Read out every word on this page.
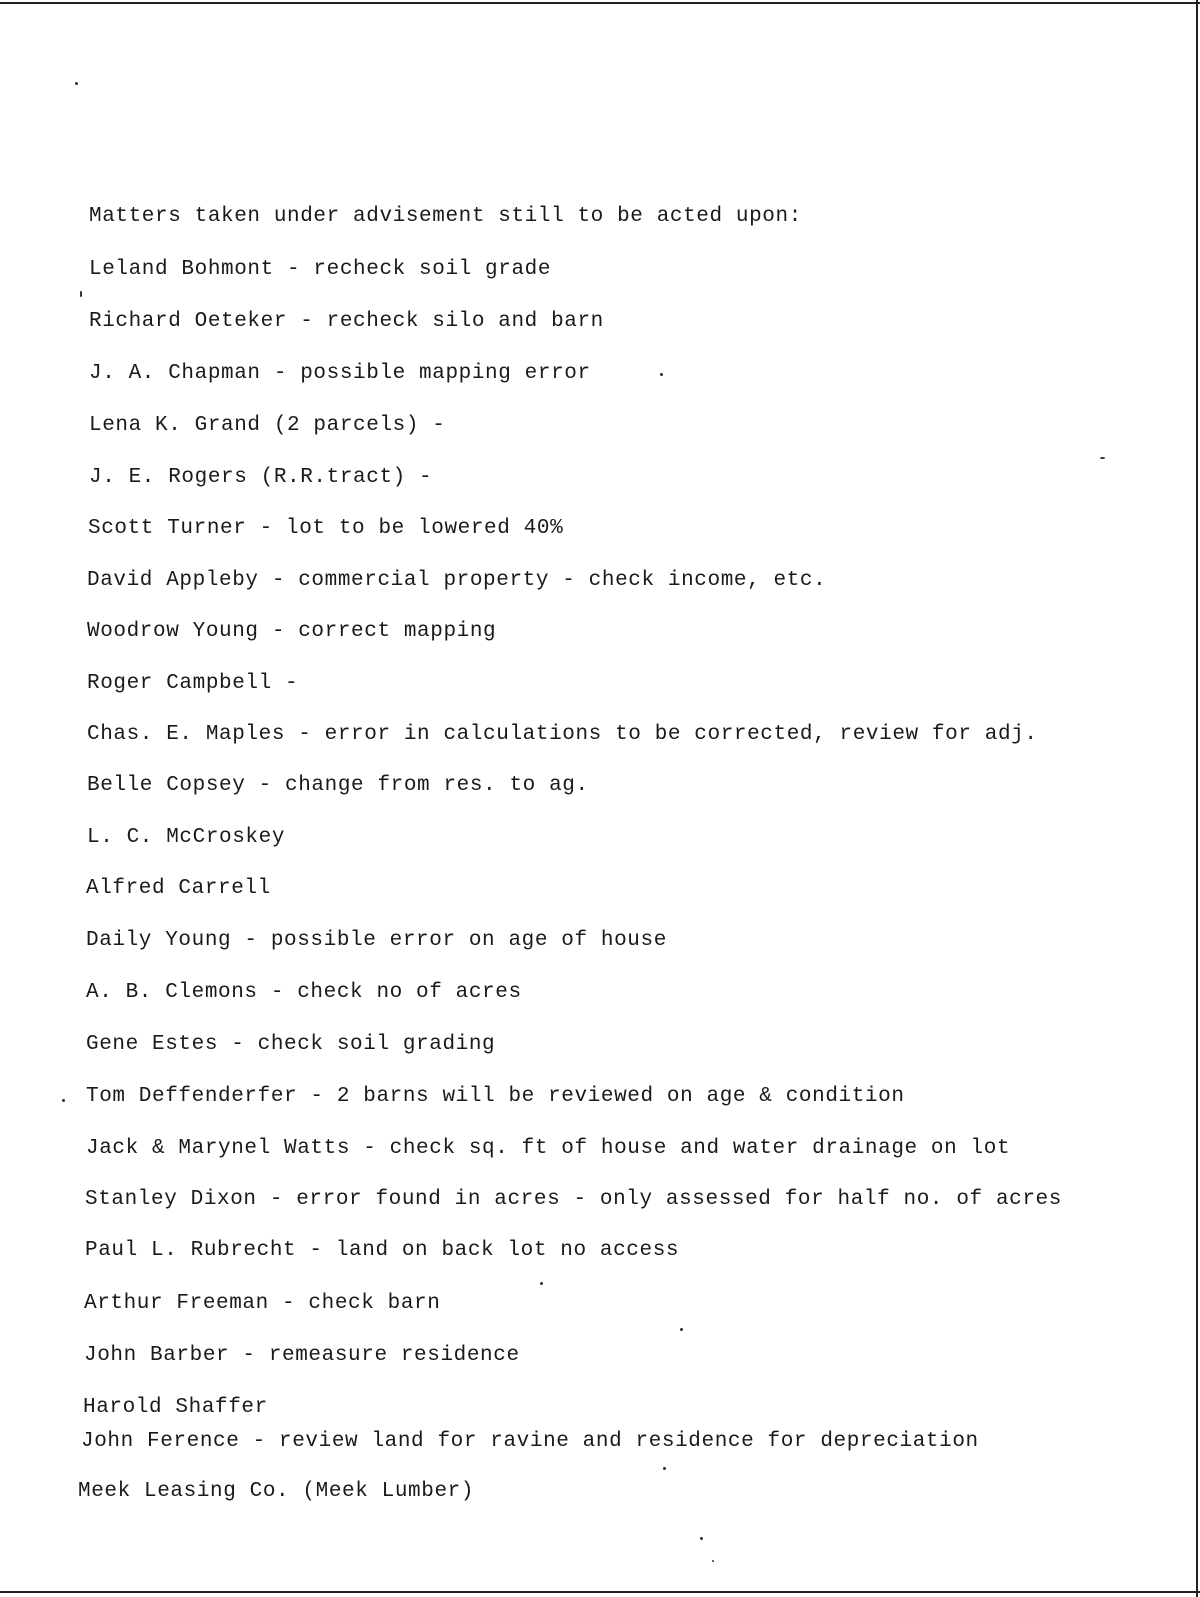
Matters taken under advisement still to be acted upon:
Leland Bohmont - recheck soil grade
Richard Oeteker - recheck silo and barn
J. A. Chapman - possible mapping error
Lena K. Grand (2 parcels) -
J. E. Rogers (R.R.tract) -
Scott Turner - lot to be lowered 40%
David Appleby - commercial property - check income, etc.
Woodrow Young - correct mapping
Roger Campbell -
Chas. E. Maples - error in calculations to be corrected, review for adj.
Belle Copsey - change from res. to ag.
L. C. McCroskey
Alfred Carrell
Daily Young - possible error on age of house
A. B. Clemons - check no of acres
Gene Estes - check soil grading
Tom Deffenderfer - 2 barns will be reviewed on age & condition
Jack & Marynel Watts - check sq. ft of house and water drainage on lot
Stanley Dixon - error found in acres - only assessed for half no. of acres
Paul L. Rubrecht - land on back lot no access
Arthur Freeman - check barn
John Barber - remeasure residence
Harold Shaffer
John Ference - review land for ravine and residence for depreciation
Meek Leasing Co. (Meek Lumber)
